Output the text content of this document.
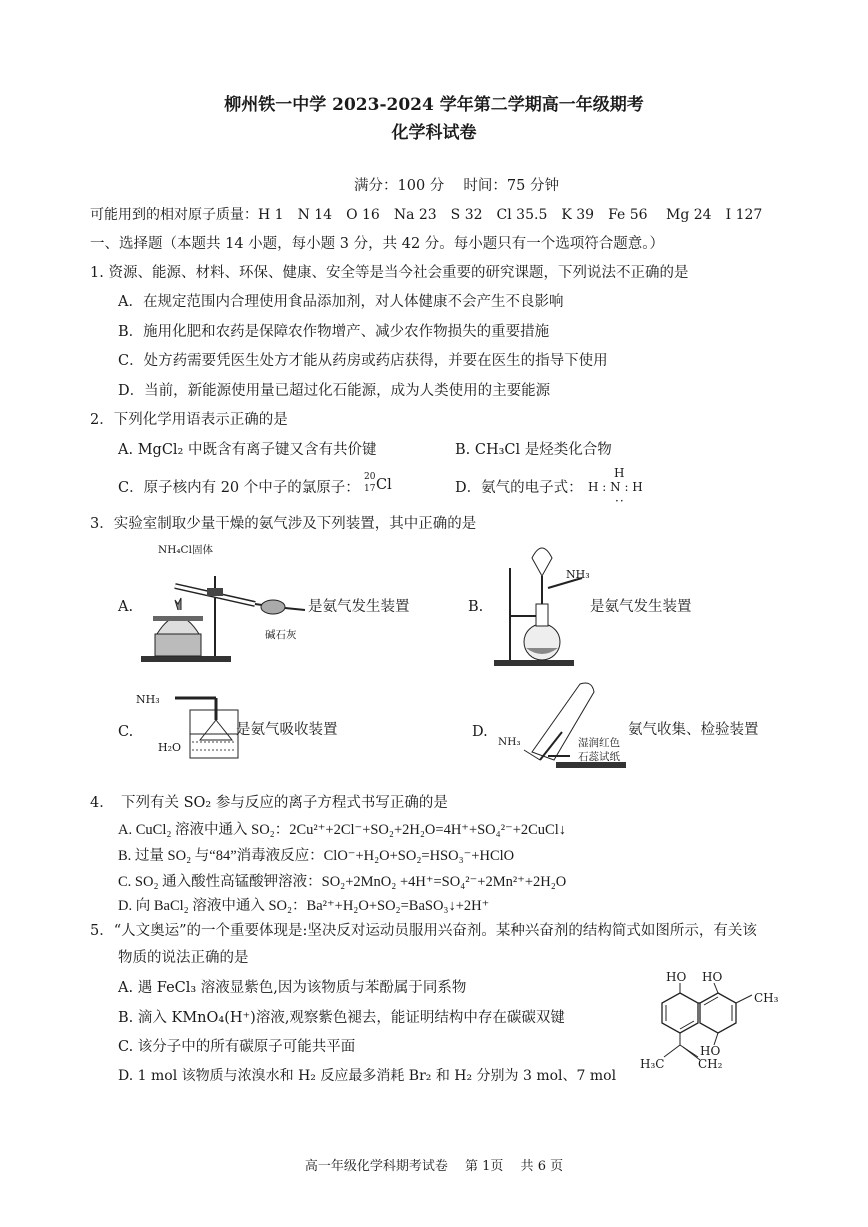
柳州铁一中学 2023-2024 学年第二学期高一年级期考
化学科试卷
满分：100 分　 时间：75 分钟
可能用到的相对原子质量：H 1　N 14　O 16　Na 23　S 32　Cl 35.5　K 39　Fe 56　 Mg 24　I 127
一、选择题（本题共 14 小题，每小题 3 分，共 42 分。每小题只有一个选项符合题意。）
1. 资源、能源、材料、环保、健康、安全等是当今社会重要的研究课题，下列说法不正确的是
A．在规定范围内合理使用食品添加剂，对人体健康不会产生不良影响
B．施用化肥和农药是保障农作物增产、减少农作物损失的重要措施
C．处方药需要凭医生处方才能从药房或药店获得，并要在医生的指导下使用
D．当前，新能源使用量已超过化石能源，成为人类使用的主要能源
2．下列化学用语表示正确的是
A. MgCl₂ 中既含有离子键又含有共价键	B. CH₃Cl 是烃类化合物
C．原子核内有 20 个中子的氯原子：
20
17 Cl	D．氨气的电子式：
H
H : N : H
··
3．实验室制取少量干燥的氨气涉及下列装置，其中正确的是
A.
NH₄Cl固体
碱石灰
是氨气发生装置	B.
NH₃
是氨气发生装置
C.
NH₃
H₂O
是氨气吸收装置	D.
NH₃	湿润红色
石蕊试纸
氨气收集、检验装置
4．　下列有关 SO₂ 参与反应的离子方程式书写正确的是
A. CuCl₂ 溶液中通入 SO₂：2Cu²⁺+2Cl⁻+SO₂+2H₂O=4H⁺+SO₄²⁻+2CuCl↓
B. 过量 SO₂ 与“84”消毒液反应：ClO⁻+H₂O+SO₂=HSO₃⁻+HClO
C. SO₂ 通入酸性高锰酸钾溶液：SO₂+2MnO₂ +4H⁺=SO₄²⁻+2Mn²⁺+2H₂O
D. 向 BaCl₂ 溶液中通入 SO₂：Ba²⁺+H₂O+SO₂=BaSO₃↓+2H⁺
5．“人文奥运”的一个重要体现是:坚决反对运动员服用兴奋剂。某种兴奋剂的结构简式如图所示，有关该
物质的说法正确的是
A. 遇 FeCl₃ 溶液显紫色,因为该物质与苯酚属于同系物
B. 滴入 KMnO₄(H⁺)溶液,观察紫色褪去，能证明结构中存在碳碳双键
C. 该分子中的所有碳原子可能共平面
D. 1 mol 该物质与浓溴水和 H₂ 反应最多消耗 Br₂ 和 H₂ 分别为 3 mol、7 mol
HO HO
HO
CH₃
H₃C	CH₂
高一年级化学科期考试卷　 第 1页　 共 6 页
